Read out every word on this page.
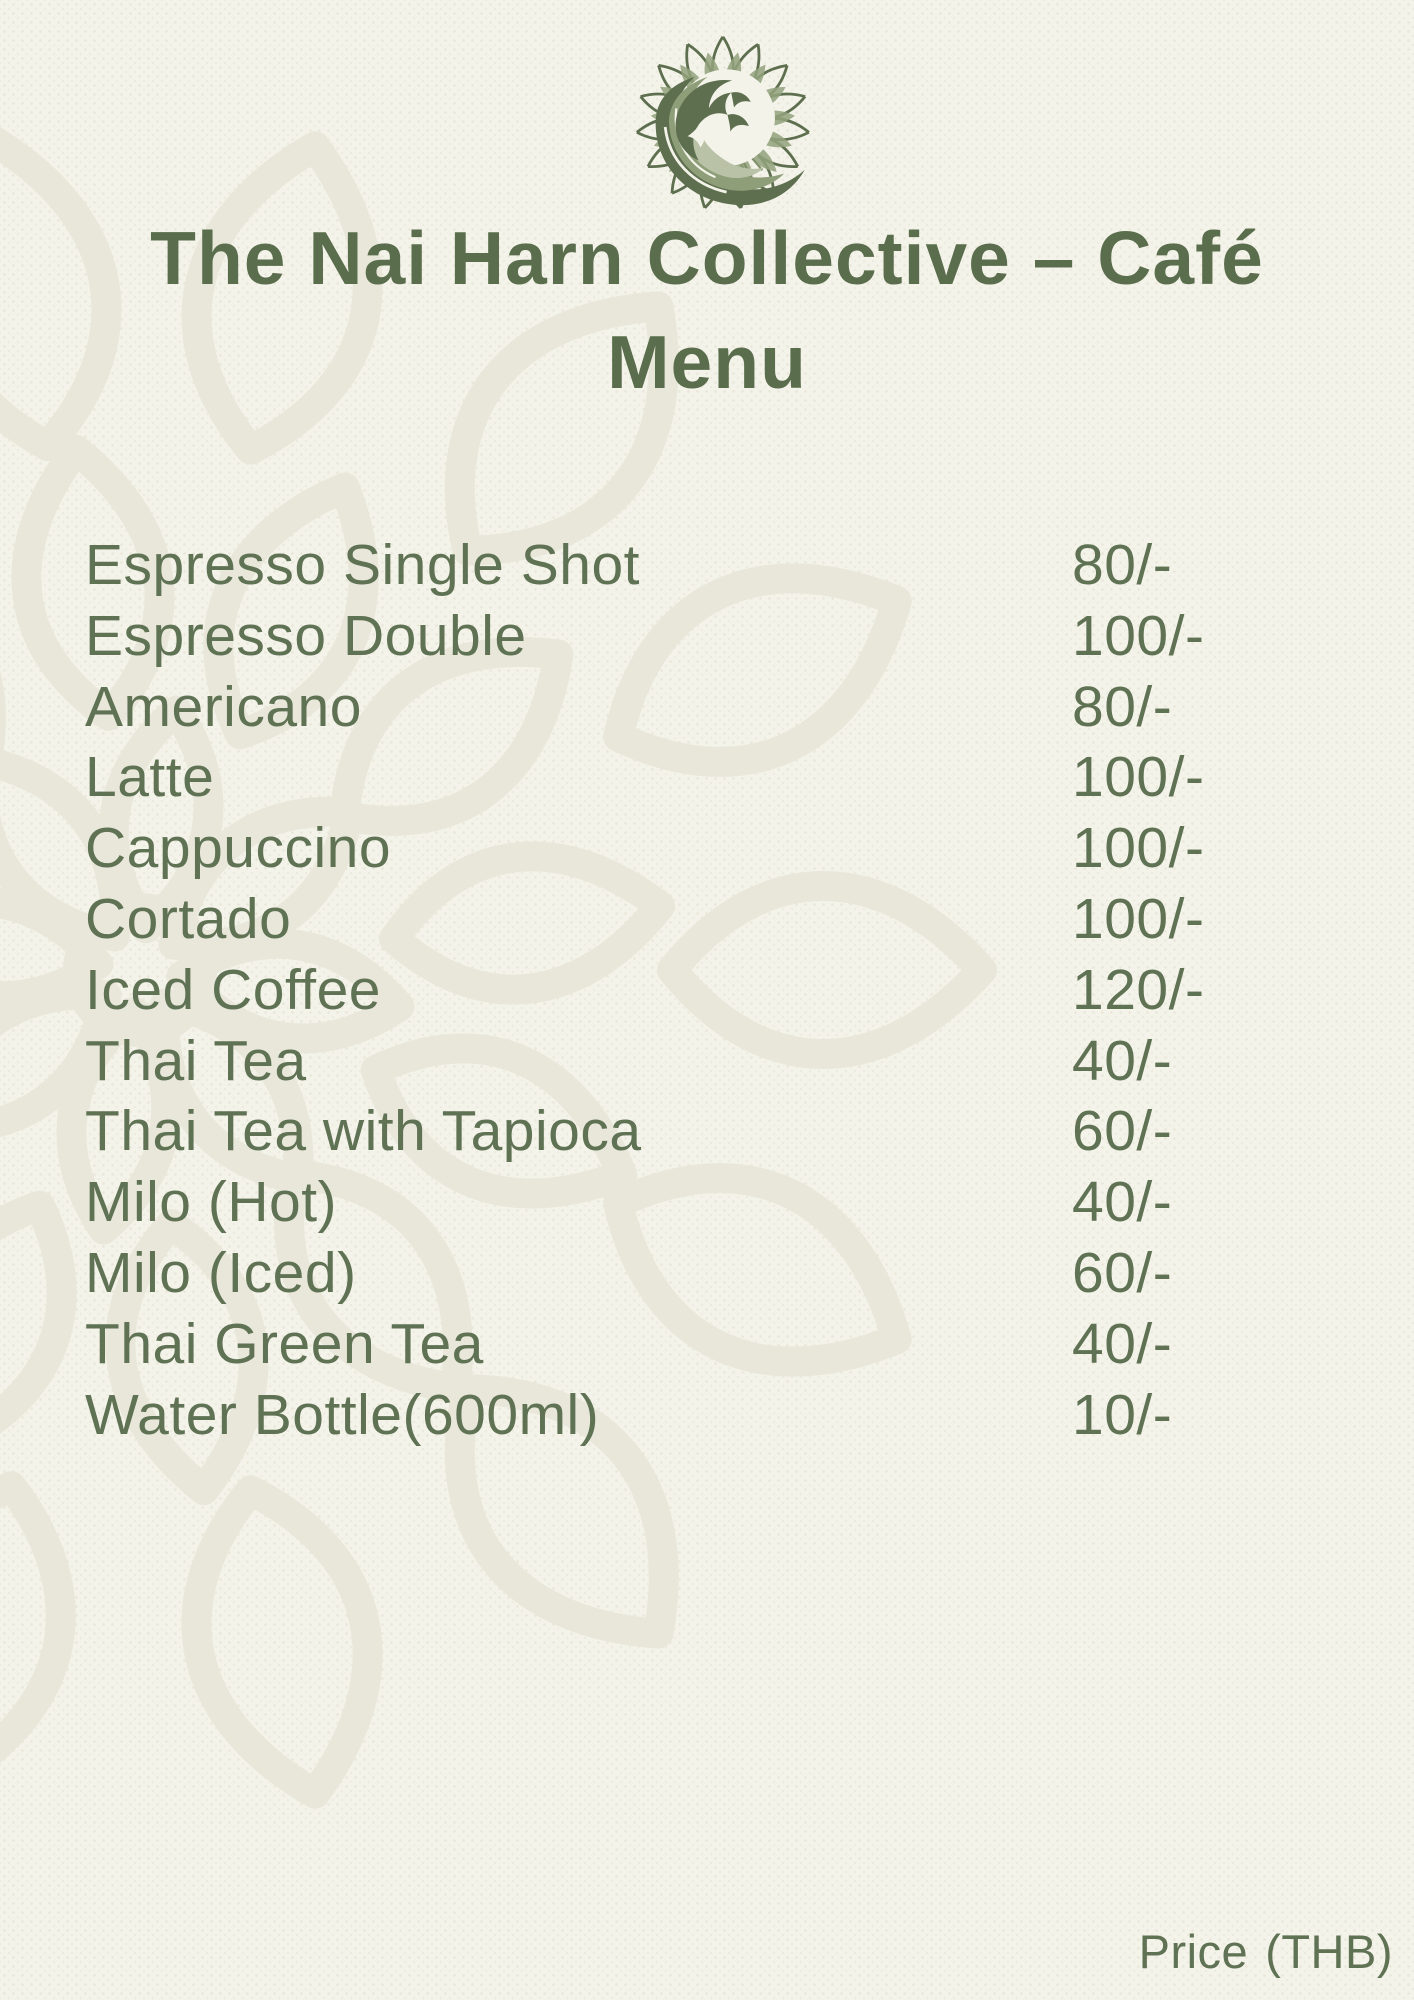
The Nai Harn Collective – Café
Menu
Espresso Single Shot	80/-
Espresso Double	100/-
Americano	80/-
Latte	100/-
Cappuccino	100/-
Cortado	100/-
Iced Coffee	120/-
Thai Tea	40/-
Thai Tea with Tapioca	60/-
Milo (Hot)	40/-
Milo (Iced)	60/-
Thai Green Tea	40/-
Water Bottle(600ml)	10/-
Price (THB)
